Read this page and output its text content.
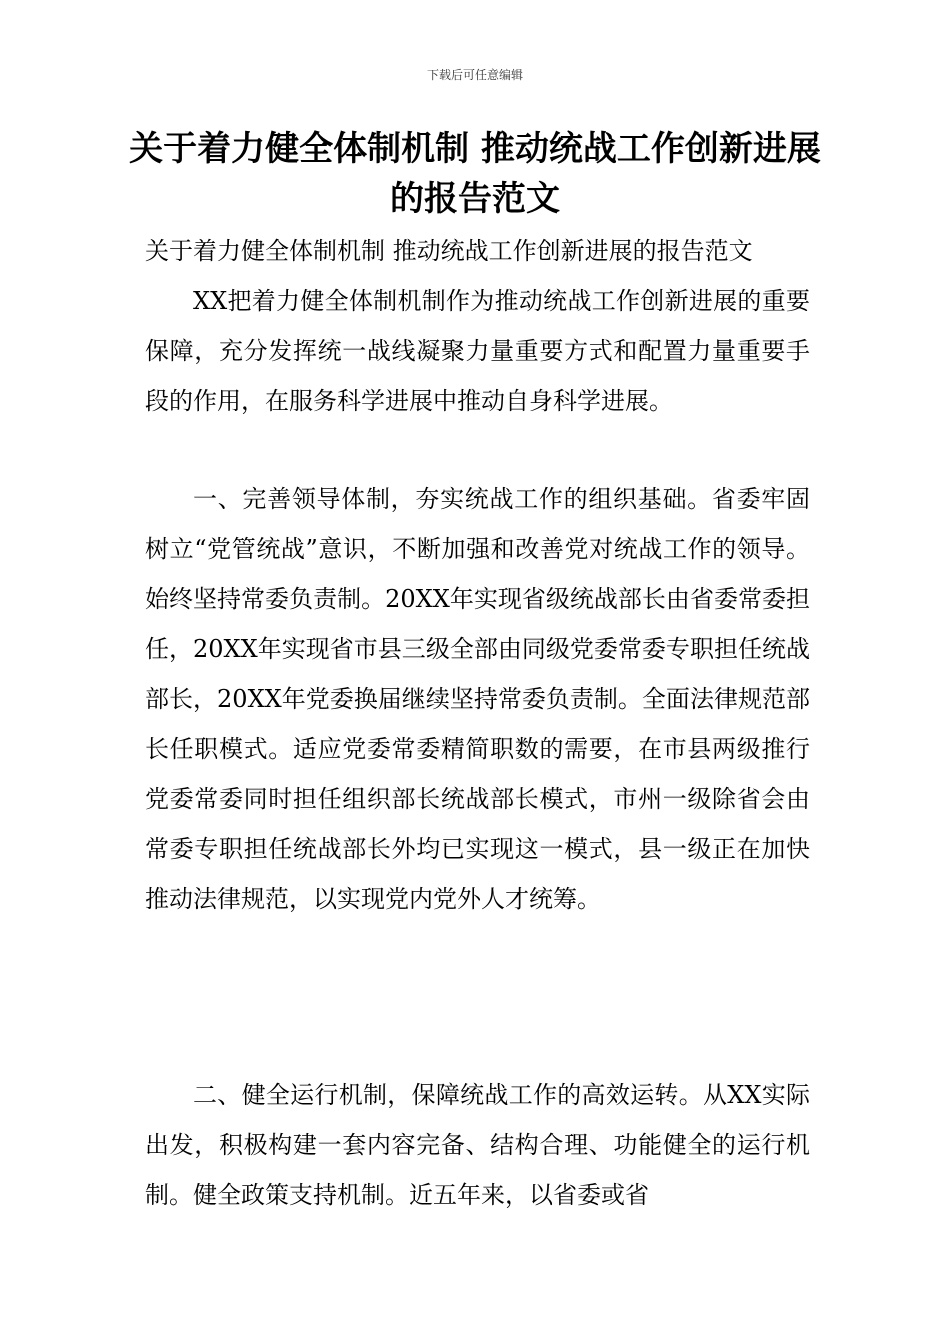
下载后可任意编辑
关于着力健全体制机制 推动统战工作创新进展的报告范文
关于着力健全体制机制 推动统战工作创新进展的报告范文
XX把着力健全体制机制作为推动统战工作创新进展的重要保障，充分发挥统一战线凝聚力量重要方式和配置力量重要手段的作用，在服务科学进展中推动自身科学进展。
一、完善领导体制，夯实统战工作的组织基础。省委牢固树立“党管统战”意识，不断加强和改善党对统战工作的领导。始终坚持常委负责制。20XX年实现省级统战部长由省委常委担任，20XX年实现省市县三级全部由同级党委常委专职担任统战部长，20XX年党委换届继续坚持常委负责制。全面法律规范部长任职模式。适应党委常委精简职数的需要，在市县两级推行党委常委同时担任组织部长统战部长模式，市州一级除省会由常委专职担任统战部长外均已实现这一模式，县一级正在加快推动法律规范，以实现党内党外人才统筹。
二、健全运行机制，保障统战工作的高效运转。从XX实际出发，积极构建一套内容完备、结构合理、功能健全的运行机制。健全政策支持机制。近五年来，以省委或省
